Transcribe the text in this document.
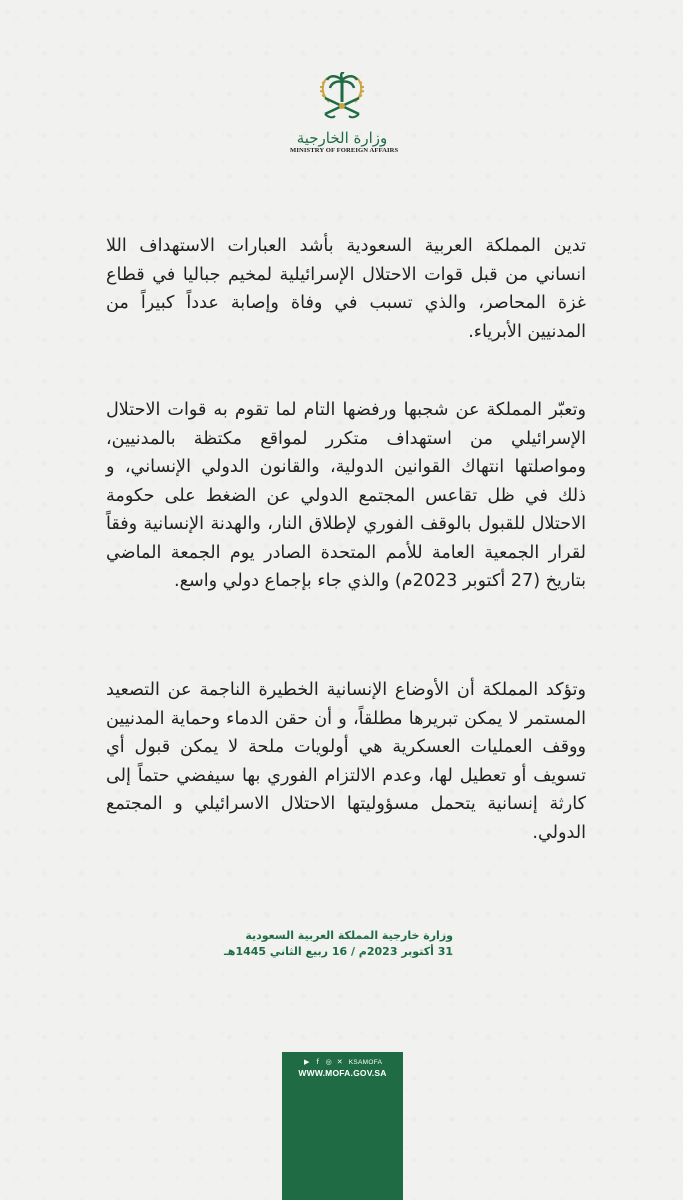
وزارة الخارجية
MINISTRY OF FOREIGN AFFAIRS

تدين المملكة العربية السعودية بأشد العبارات الاستهداف اللا انساني من قبل قوات الاحتلال الإسرائيلية لمخيم جباليا في قطاع غزة المحاصر، والذي تسبب في وفاة وإصابة عدداً كبيراً من المدنيين الأبرياء.

وتعبّر المملكة عن شجبها ورفضها التام لما تقوم به قوات الاحتلال الإسرائيلي من استهداف متكرر لمواقع مكتظة بالمدنيين، ومواصلتها انتهاك القوانين الدولية، والقانون الدولي الإنساني، و ذلك في ظل تقاعس المجتمع الدولي عن الضغط على حكومة الاحتلال للقبول بالوقف الفوري لإطلاق النار، والهدنة الإنسانية وفقاً لقرار الجمعية العامة للأمم المتحدة الصادر يوم الجمعة الماضي بتاريخ (27 أكتوبر 2023م) والذي جاء بإجماع دولي واسع.

وتؤكد المملكة أن الأوضاع الإنسانية الخطيرة الناجمة عن التصعيد المستمر لا يمكن تبريرها مطلقاً، و أن حقن الدماء وحماية المدنيين ووقف العمليات العسكرية هي أولويات ملحة لا يمكن قبول أي تسويف أو تعطيل لها، وعدم الالتزام الفوري بها سيفضي حتماً إلى كارثة إنسانية يتحمل مسؤوليتها الاحتلال الاسرائيلي و المجتمع الدولي.

وزارة خارجية المملكة العربية السعودية
31 أكتوبر 2023م / 16 ربيع الثاني 1445هـ
▶	f ◎ ✕ KSAMOFA
WWW.MOFA.GOV.SA
